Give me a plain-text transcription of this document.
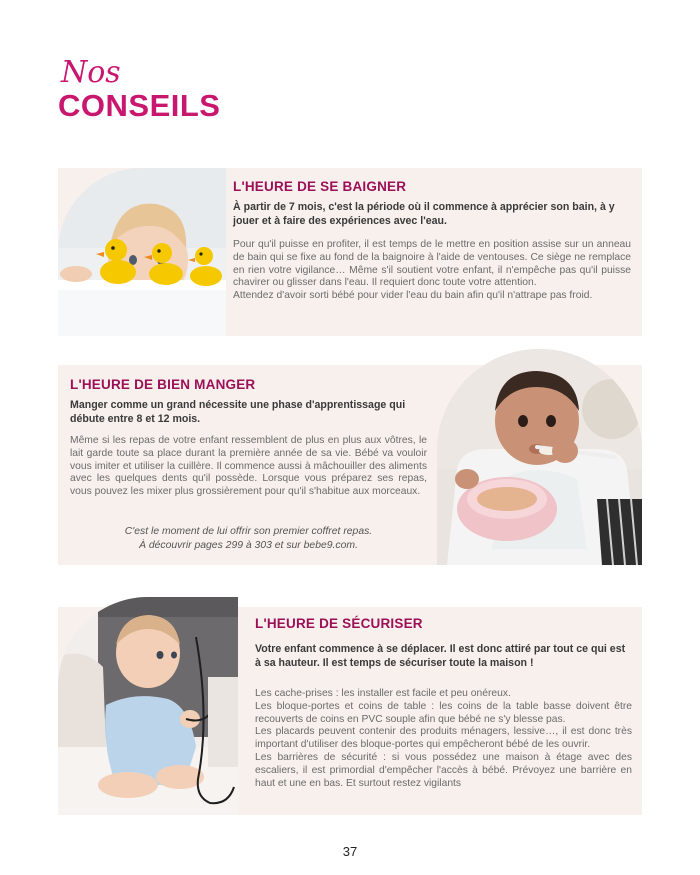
Nos
CONSEILS
L'HEURE DE SE BAIGNER
À partir de 7 mois, c'est la période où il commence à apprécier son bain, à y jouer et à faire des expériences avec l'eau.

Pour qu'il puisse en profiter, il est temps de le mettre en position assise sur un anneau de bain qui se fixe au fond de la baignoire à l'aide de ventouses. Ce siège ne remplace en rien votre vigilance… Même s'il soutient votre enfant, il n'empêche pas qu'il puisse chavirer ou glisser dans l'eau. Il requiert donc toute votre attention.

Attendez d'avoir sorti bébé pour vider l'eau du bain afin qu'il n'attrape pas froid.

L'HEURE DE BIEN MANGER
Manger comme un grand nécessite une phase d'apprentissage qui débute entre 8 et 12 mois.

Même si les repas de votre enfant ressemblent de plus en plus aux vôtres, le lait garde toute sa place durant la première année de sa vie. Bébé va vouloir vous imiter et utiliser la cuillère. Il commence aussi à mâchouiller des aliments avec les quelques dents qu'il possède. Lorsque vous préparez ses repas, vous pouvez les mixer plus grossièrement pour qu'il s'habitue aux morceaux.

C'est le moment de lui offrir son premier coffret repas.

À découvrir pages 299 à 303 et sur bebe9.com.

L'HEURE DE SÉCURISER
Votre enfant commence à se déplacer. Il est donc attiré par tout ce qui est à sa hauteur. Il est temps de sécuriser toute la maison !

Les cache-prises : les installer est facile et peu onéreux.

Les bloque-portes et coins de table : les coins de la table basse doivent être recouverts de coins en PVC souple afin que bébé ne s'y blesse pas.

Les placards peuvent contenir des produits ménagers, lessive…, il est donc très important d'utiliser des bloque-portes qui empêcheront bébé de les ouvrir.

Les barrières de sécurité : si vous possédez une maison à étage avec des escaliers, il est primordial d'empêcher l'accès à bébé. Prévoyez une barrière en haut et une en bas. Et surtout restez vigilants

37
